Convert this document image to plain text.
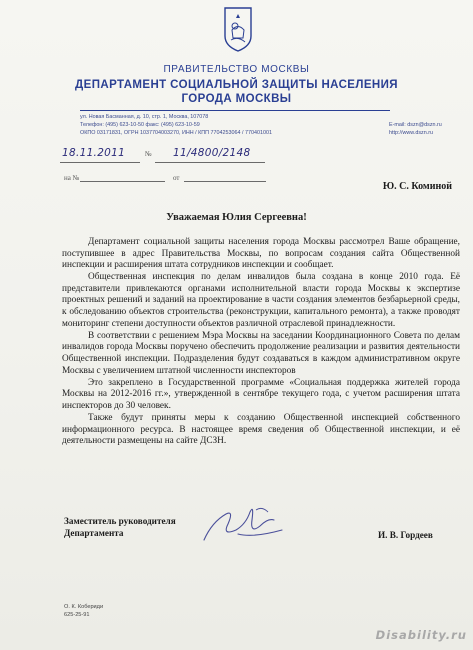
ПРАВИТЕЛЬСТВО МОСКВЫ
ДЕПАРТАМЕНТ СОЦИАЛЬНОЙ ЗАЩИТЫ НАСЕЛЕНИЯ
ГОРОДА МОСКВЫ
ул. Новая Басманная, д. 10, стр. 1, Москва, 107078
Телефон: (495) 623-10-50 факс: (495) 623-10-59
ОКПО 03171831, ОГРН 1037704003270, ИНН / КПП 7704253064 / 770401001
E-mail: dszn@dszn.ru
http://www.dszn.ru
18.11.2011	№ 11/4800/2148
на №	от
Ю. С. Коминой
Уважаемая Юлия Сергеевна!

Департамент социальной защиты населения города Москвы рассмотрел Ваше обращение, поступившее в адрес Правительства Москвы, по вопросам создания сайта Общественной инспекции и расширения штата сотрудников инспекции и сообщает.

Общественная инспекция по делам инвалидов была создана в конце 2010 года. Её представители привлекаются органами исполнительной власти города Москвы к экспертизе проектных решений и заданий на проектирование в части создания элементов безбарьерной среды, к обследованию объектов строительства (реконструкции, капитального ремонта), а также проводят мониторинг степени доступности объектов различной отраслевой принадлежности.

В соответствии с решением Мэра Москвы на заседании Координационного Совета по делам инвалидов города Москвы поручено обеспечить продолжение реализации и развития деятельности Общественной инспекции. Подразделения будут создаваться в каждом административном округе Москвы с увеличением штатной численности инспекторов

Это закреплено в Государственной программе «Социальная поддержка жителей города Москвы на 2012-2016 гг.», утвержденной в сентябре текущего года, с учетом расширения штата инспекторов до 30 человек.

Также будут приняты меры к созданию Общественной инспекцией собственного информационного ресурса. В настоящее время сведения об Общественной инспекции, и её деятельности размещены на сайте ДСЗН.

Заместитель руководителя
Департамента	И. В. Гордеев
О. К. Кобериди
625-25-91
Disability.ru
